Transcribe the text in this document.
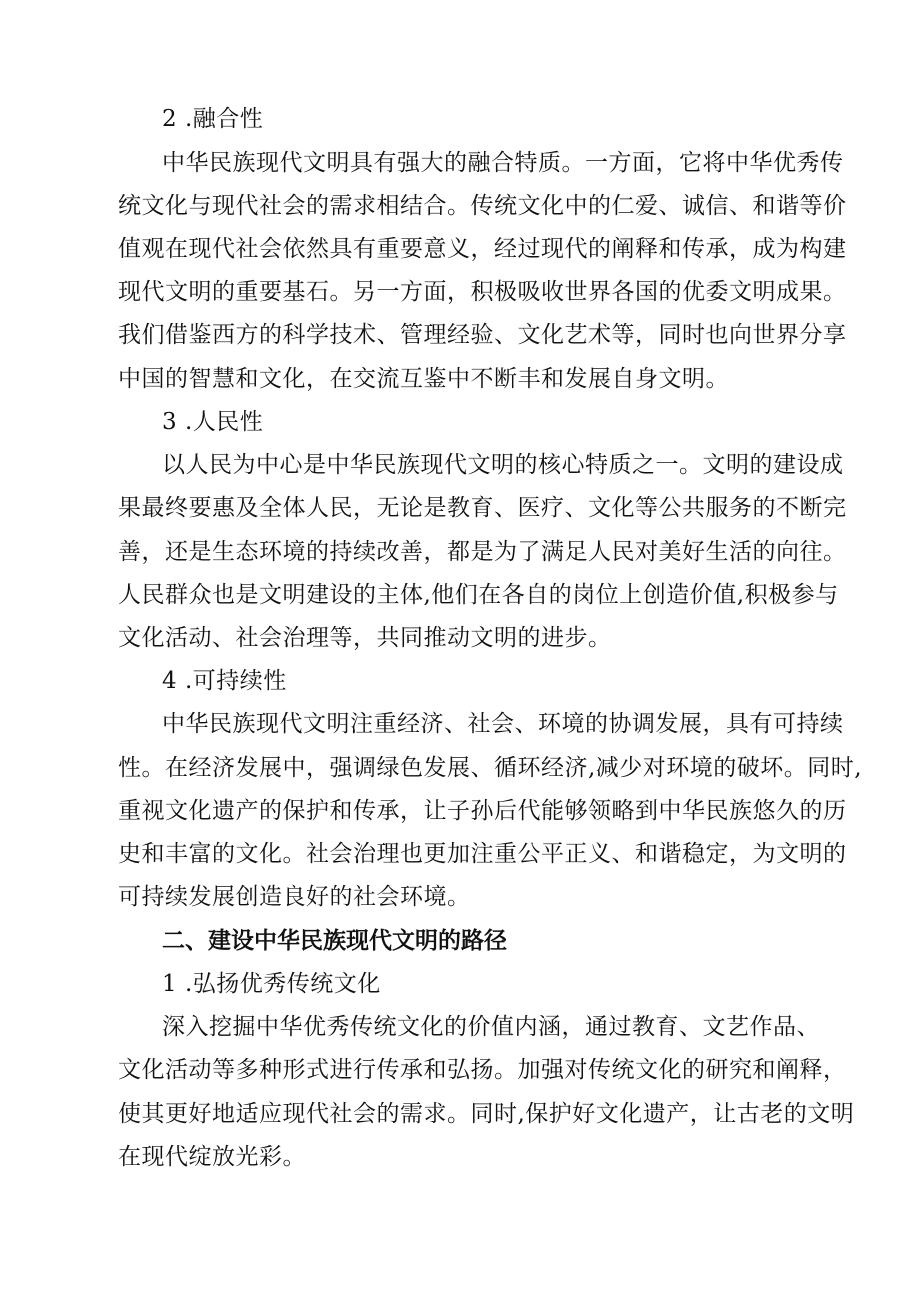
2 .融合性
中华民族现代文明具有强大的融合特质。一方面，它将中华优秀传
统文化与现代社会的需求相结合。传统文化中的仁爱、诚信、和谐等价
值观在现代社会依然具有重要意义，经过现代的阐释和传承，成为构建
现代文明的重要基石。另一方面，积极吸收世界各国的优委文明成果。
我们借鉴西方的科学技术、管理经验、文化艺术等，同时也向世界分享
中国的智慧和文化，在交流互鉴中不断丰和发展自身文明。
3 .人民性
以人民为中心是中华民族现代文明的核心特质之一。文明的建设成
果最终要惠及全体人民，无论是教育、医疗、文化等公共服务的不断完
善，还是生态环境的持续改善，都是为了满足人民对美好生活的向往。
人民群众也是文明建设的主体,他们在各自的岗位上创造价值,积极参与
文化活动、社会治理等，共同推动文明的进步。
4 .可持续性
中华民族现代文明注重经济、社会、环境的协调发展，具有可持续
性。在经济发展中，强调绿色发展、循环经济,减少对环境的破坏。同时,
重视文化遗产的保护和传承，让子孙后代能够领略到中华民族悠久的历
史和丰富的文化。社会治理也更加注重公平正义、和谐稳定，为文明的
可持续发展创造良好的社会环境。
二、建设中华民族现代文明的路径
1 .弘扬优秀传统文化
深入挖掘中华优秀传统文化的价值内涵，通过教育、文艺作品、
文化活动等多种形式进行传承和弘扬。加强对传统文化的研究和阐释，
使其更好地适应现代社会的需求。同时,保护好文化遗产，让古老的文明
在现代绽放光彩。
